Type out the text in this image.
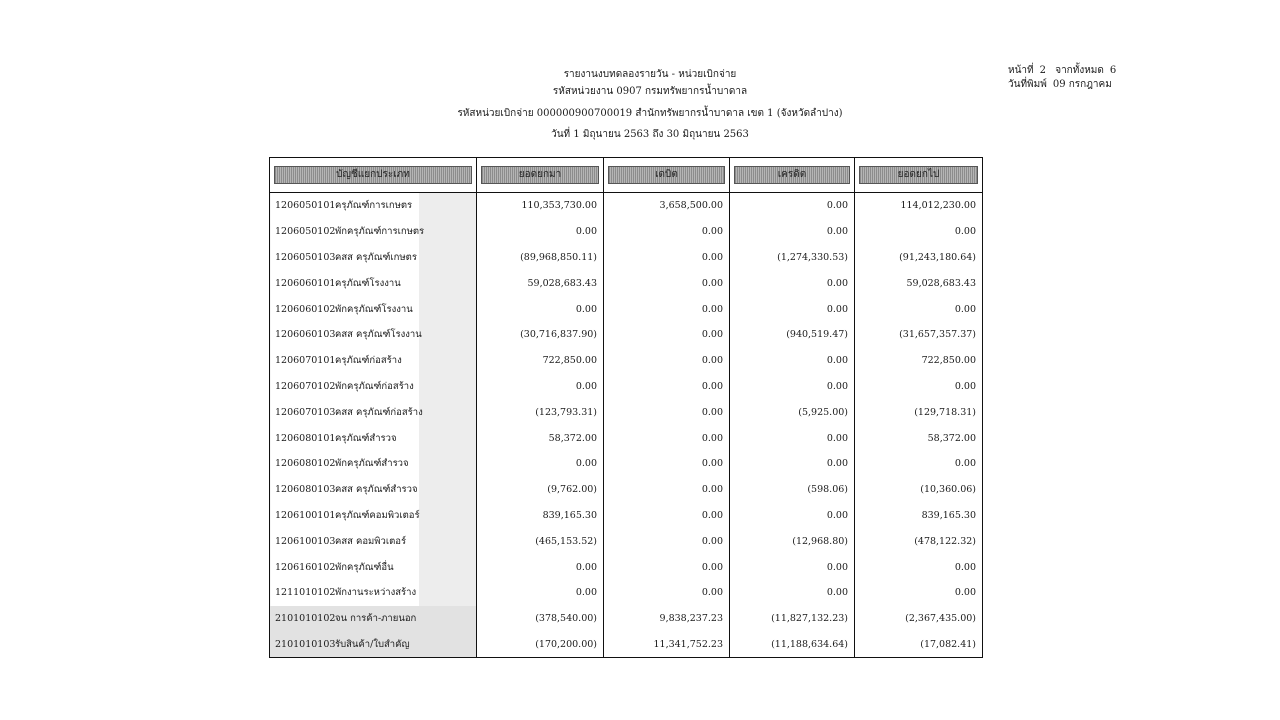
หน้าที่ 2 จากทั้งหมด 6
วันที่พิมพ์ 09 กรกฎาคม
รายงานงบทดลองรายวัน - หน่วยเบิกจ่าย
รหัสหน่วยงาน 0907 กรมทรัพยากรน้ำบาดาล
รหัสหน่วยเบิกจ่าย 000000900700019 สำนักทรัพยากรน้ำบาดาล เขต 1 (จังหวัดลำปาง)
วันที่ 1 มิถุนายน 2563 ถึง 30 มิถุนายน 2563
บัญชีแยกประเภท	ยอดยกมา	เดบิต	เครดิต	ยอดยกไป

1206050101ครุภัณฑ์การเกษตร	110,353,730.00	3,658,500.00	0.00	114,012,230.00
1206050102พักครุภัณฑ์การเกษตร	0.00	0.00	0.00	0.00
1206050103คสส ครุภัณฑ์เกษตร	(89,968,850.11)	0.00	(1,274,330.53)	(91,243,180.64)
1206060101ครุภัณฑ์โรงงาน	59,028,683.43	0.00	0.00	59,028,683.43
1206060102พักครุภัณฑ์โรงงาน	0.00	0.00	0.00	0.00
1206060103คสส ครุภัณฑ์โรงงาน	(30,716,837.90)	0.00	(940,519.47)	(31,657,357.37)
1206070101ครุภัณฑ์ก่อสร้าง	722,850.00	0.00	0.00	722,850.00
1206070102พักครุภัณฑ์ก่อสร้าง	0.00	0.00	0.00	0.00
1206070103คสส ครุภัณฑ์ก่อสร้าง	(123,793.31)	0.00	(5,925.00)	(129,718.31)
1206080101ครุภัณฑ์สำรวจ	58,372.00	0.00	0.00	58,372.00
1206080102พักครุภัณฑ์สำรวจ	0.00	0.00	0.00	0.00
1206080103คสส ครุภัณฑ์สำรวจ	(9,762.00)	0.00	(598.06)	(10,360.06)
1206100101ครุภัณฑ์คอมพิวเตอร์	839,165.30	0.00	0.00	839,165.30
1206100103คสส คอมพิวเตอร์	(465,153.52)	0.00	(12,968.80)	(478,122.32)
1206160102พักครุภัณฑ์อื่น	0.00	0.00	0.00	0.00
1211010102พักงานระหว่างสร้าง	0.00	0.00	0.00	0.00
2101010102จน การค้า-ภายนอก	(378,540.00)	9,838,237.23	(11,827,132.23)	(2,367,435.00)
2101010103รับสินค้า/ใบสำคัญ	(170,200.00)	11,341,752.23	(11,188,634.64)	(17,082.41)
